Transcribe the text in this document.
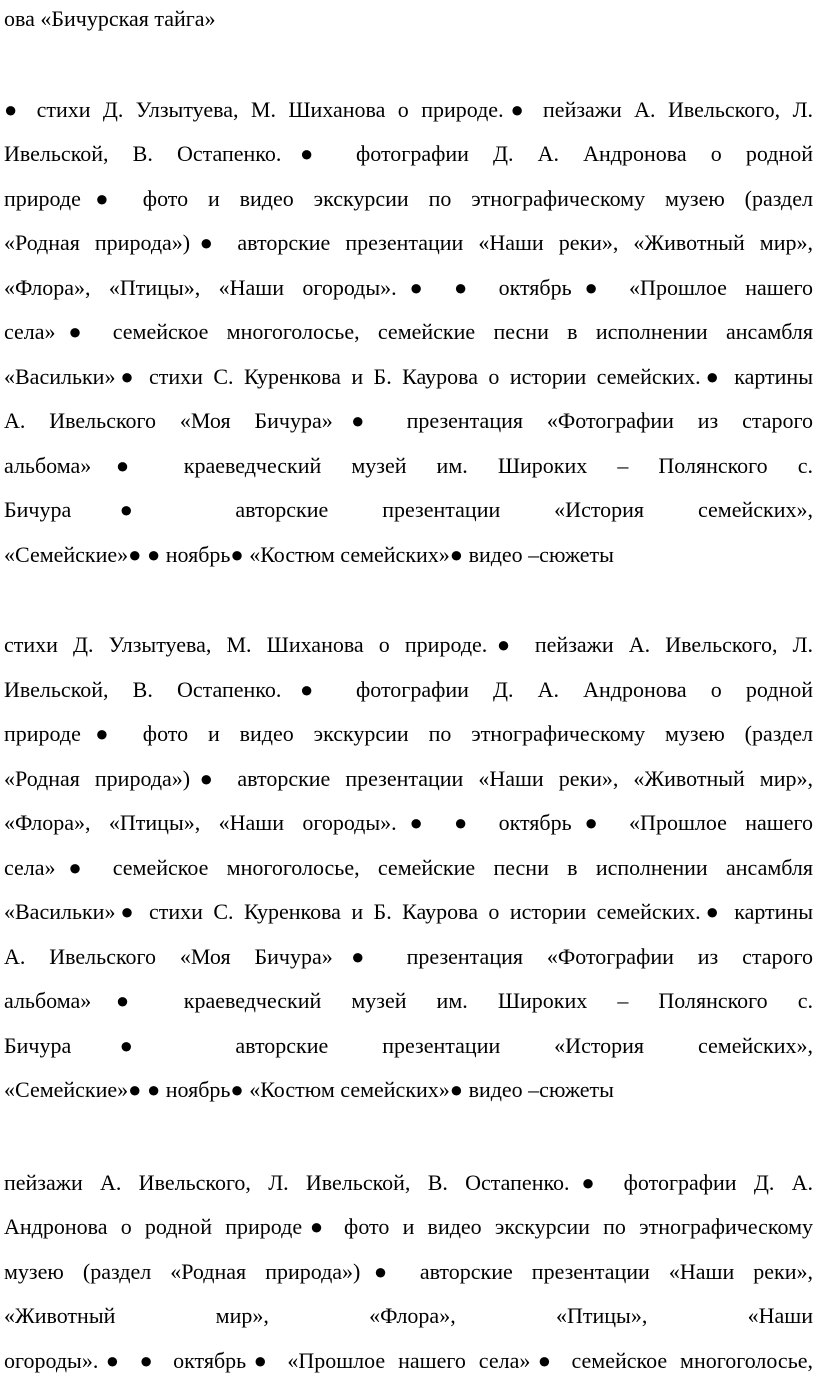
ова «Бичурская тайга»
● стихи Д. Улзытуева, М. Шиханова о природе.● пейзажи А. Ивельского, Л.
Ивельской, В. Остапенко.● фотографии Д. А. Андронова о родной
природе● фото и видео экскурсии по этнографическому музею (раздел
«Родная природа»)● авторские презентации «Наши реки», «Животный мир»,
«Флора», «Птицы», «Наши огороды».● ● октябрь● «Прошлое нашего
села»● семейское многоголосье, семейские песни в исполнении ансамбля
«Васильки»● стихи С. Куренкова и Б. Каурова о истории семейских.● картины
А. Ивельского «Моя Бичура»● презентация «Фотографии из старого
альбома»● краеведческий музей им. Широких – Полянского с.
Бичура● авторские презентации «История семейских»,
«Семейские»● ● ноябрь● «Костюм семейских»● видео –сюжеты
стихи Д. Улзытуева, М. Шиханова о природе.● пейзажи А. Ивельского, Л.
Ивельской, В. Остапенко.● фотографии Д. А. Андронова о родной
природе● фото и видео экскурсии по этнографическому музею (раздел
«Родная природа»)● авторские презентации «Наши реки», «Животный мир»,
«Флора», «Птицы», «Наши огороды».● ● октябрь● «Прошлое нашего
села»● семейское многоголосье, семейские песни в исполнении ансамбля
«Васильки»● стихи С. Куренкова и Б. Каурова о истории семейских.● картины
А. Ивельского «Моя Бичура»● презентация «Фотографии из старого
альбома»● краеведческий музей им. Широких – Полянского с.
Бичура● авторские презентации «История семейских»,
«Семейские»● ● ноябрь● «Костюм семейских»● видео –сюжеты
пейзажи А. Ивельского, Л. Ивельской, В. Остапенко.● фотографии Д. А.
Андронова о родной природе● фото и видео экскурсии по этнографическому
музею (раздел «Родная природа»)● авторские презентации «Наши реки»,
«Животный мир», «Флора», «Птицы», «Наши
огороды».● ● октябрь● «Прошлое нашего села»● семейское многоголосье,
